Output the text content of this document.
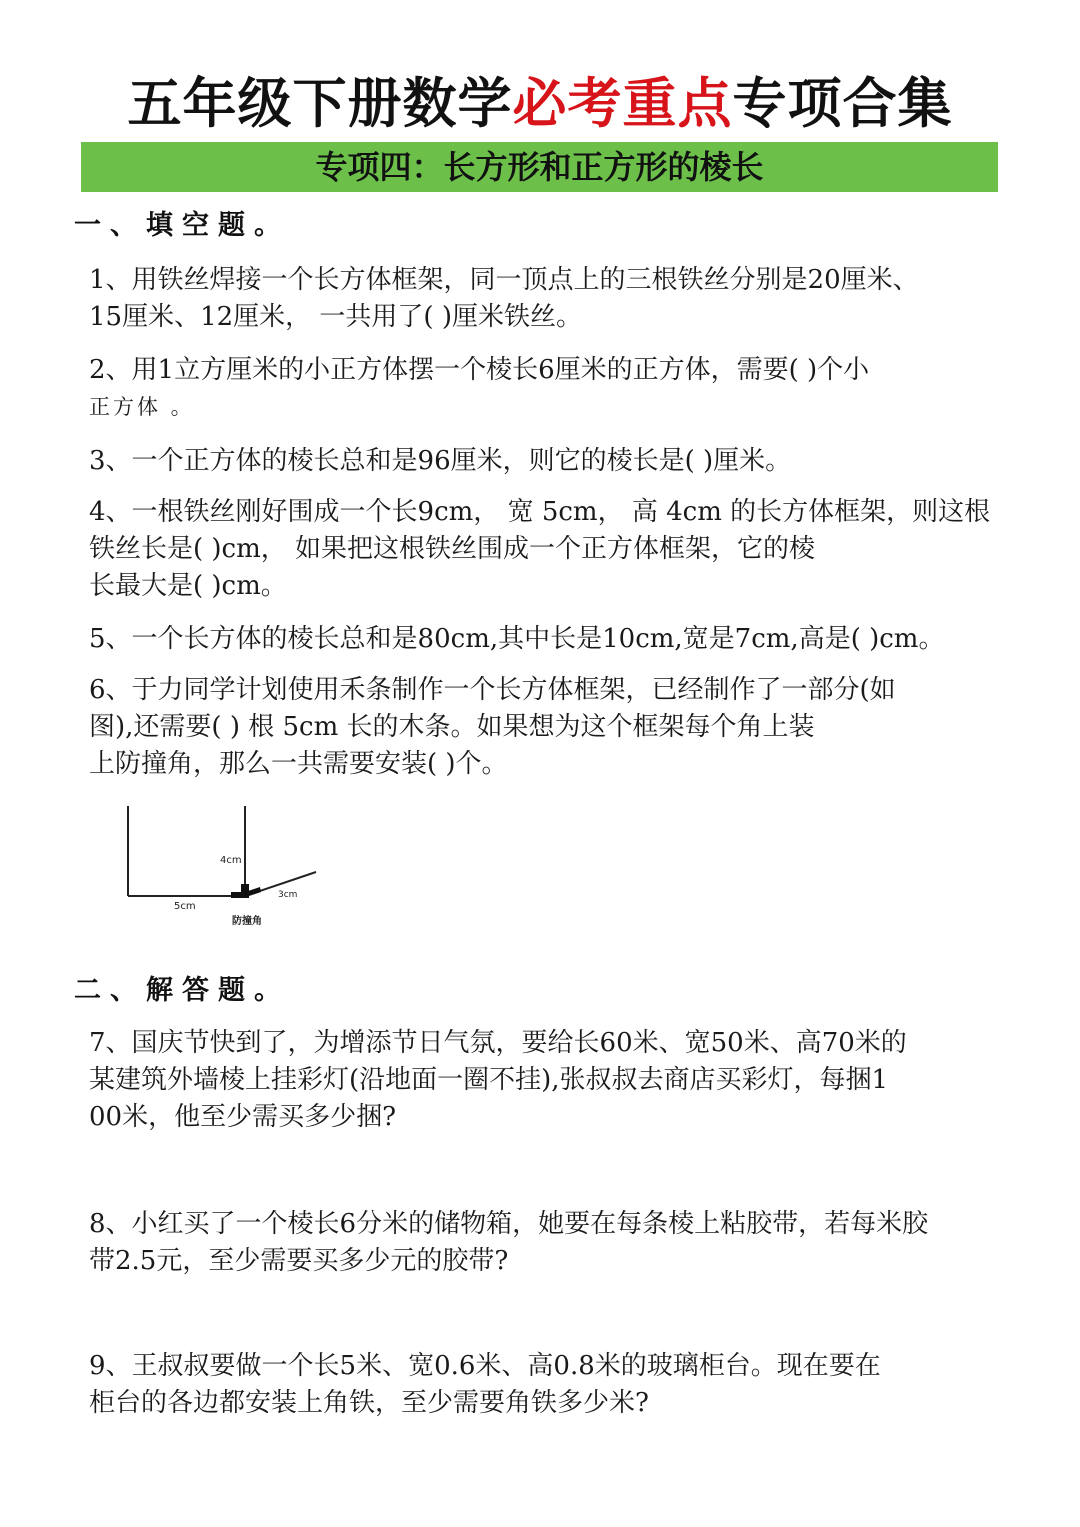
五年级下册数学必考重点专项合集
专项四：长方形和正方形的棱长
一、填空题。
1、用铁丝焊接一个长方体框架，同一顶点上的三根铁丝分别是20厘米、
15厘米、12厘米， 一共用了( )厘米铁丝。
2、用1立方厘米的小正方体摆一个棱长6厘米的正方体，需要( )个小
正方体 。
3、一个正方体的棱长总和是96厘米，则它的棱长是( )厘米。
4、一根铁丝刚好围成一个长9cm， 宽 5cm， 高 4cm 的长方体框架，则这根
铁丝长是( )cm， 如果把这根铁丝围成一个正方体框架，它的棱
长最大是( )cm。
5、一个长方体的棱长总和是80cm,其中长是10cm,宽是7cm,高是( )cm。
6、于力同学计划使用禾条制作一个长方体框架，已经制作了一部分(如
图),还需要( ) 根 5cm 长的木条。如果想为这个框架每个角上装
上防撞角，那么一共需要安装( )个。
4cm
5cm
3cm
防撞角
二、解答题。
7、国庆节快到了，为增添节日气氛，要给长60米、宽50米、高70米的
某建筑外墙棱上挂彩灯(沿地面一圈不挂),张叔叔去商店买彩灯，每捆1
00米，他至少需买多少捆?
8、小红买了一个棱长6分米的储物箱，她要在每条棱上粘胶带，若每米胶
带2.5元，至少需要买多少元的胶带?
9、王叔叔要做一个长5米、宽0.6米、高0.8米的玻璃柜台。现在要在
柜台的各边都安装上角铁，至少需要角铁多少米?
